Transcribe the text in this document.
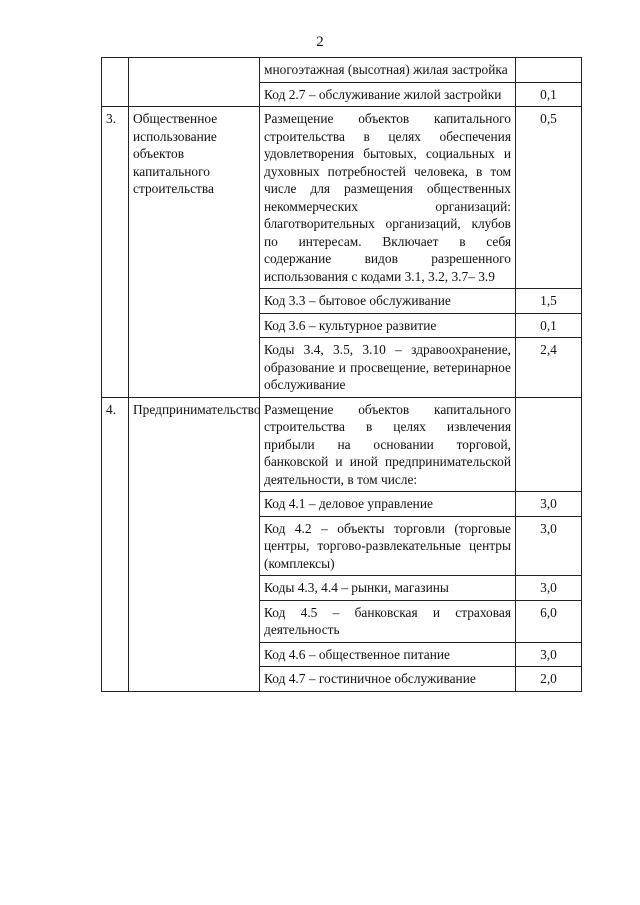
2
		многоэтажная (высотная) жилая застройка	
		Код 2.7 – обслуживание жилой застройки	0,1
3.	Общественное использование объектов капитального строительства	Размещение объектов капитального строительства в целях обеспечения удовлетворения бытовых, социальных и духовных потребностей человека, в том числе для размещения общественных некоммерческих организаций: благотворительных организаций, клубов по интересам. Включает в себя содержание видов разрешенного использования с кодами 3.1, 3.2, 3.7– 3.9	0,5
		Код 3.3 – бытовое обслуживание	1,5
		Код 3.6 – культурное развитие	0,1
		Коды 3.4, 3.5, 3.10 – здравоохранение, образование и просвещение, ветеринарное обслуживание	2,4
4.	Предпринимательство	Размещение объектов капитального строительства в целях извлечения прибыли на основании торговой, банковской и иной предпринимательской деятельности, в том числе:	
		Код 4.1 – деловое управление	3,0
		Код 4.2 – объекты торговли (торговые центры, торгово-развлекательные центры (комплексы)	3,0
		Коды 4.3, 4.4 – рынки, магазины	3,0
		Код 4.5 – банковская и страховая деятельность	6,0
		Код 4.6 – общественное питание	3,0
		Код 4.7 – гостиничное обслуживание	2,0
